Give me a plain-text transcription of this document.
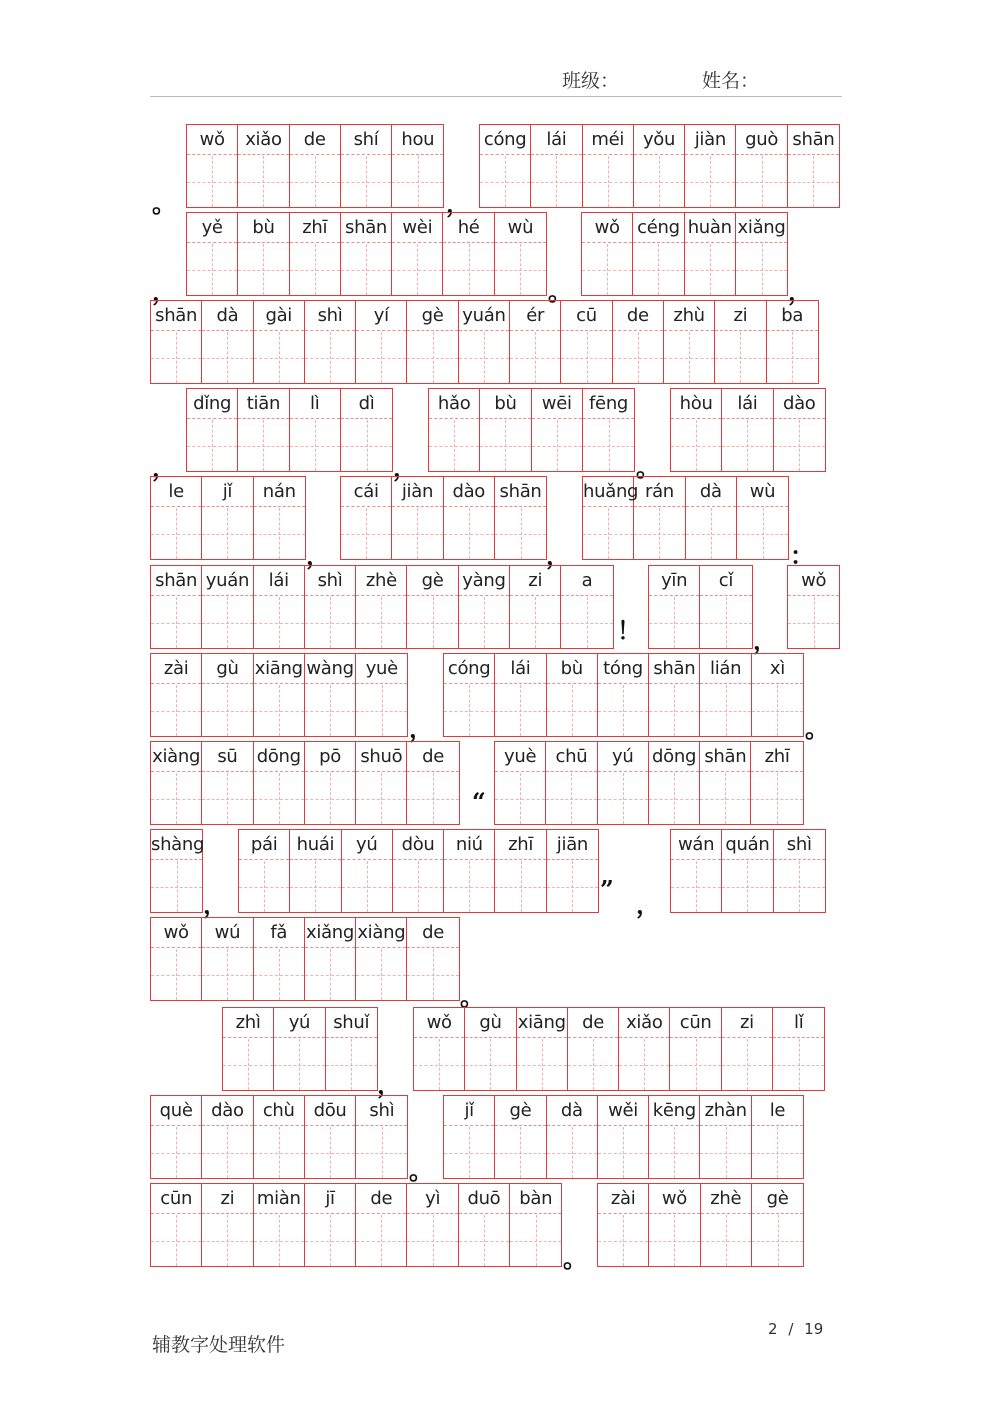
班级：	姓名：
wǒ	xiǎo	de	shí	hou	cóng	lái	méi	yǒu	jiàn	guò shān
。	，
yě	bù	zhī shān wèi	hé	wù	wǒ céng huàn xiǎng
，	。	，
shān	dà	gài	shì	yí	gè	yuán	ér	cū	de	zhù	zi	ba
dǐng tiān	lì	dì	hǎo	bù	wēi fēng	hòu	lái	dào
，	，	。
le	jǐ	nán	cái	jiàn	dào shān huǎng rán	dà	wù
，	，	：
shān yuán	lái	shì	zhè	gè	yàng	zi	a	yīn	cǐ	wǒ
！	，
zài	gù xiāng wàng yuè	cóng	lái	bù	tóng shān lián	xì
，	。
xiàng sū	dōng	pō	shuō	de	yuè	chū	yú	dōng shān	zhī
“
shàng	pái	huái	yú	dòu	niú	zhī	jiān	wán quán shì
，
”
，
wǒ	wú	fǎ	xiǎng xiàng de
。
zhì	yú	shuǐ	wǒ	gù xiāng de	xiǎo cūn	zi	lǐ
，
què	dào	chù	dōu	shì	jǐ	gè	dà	wěi kēng zhàn	le
。
cūn	zi	miàn	jī	de	yì	duō	bàn	zài	wǒ	zhè	gè
。
辅教字处理软件
2 / 19
